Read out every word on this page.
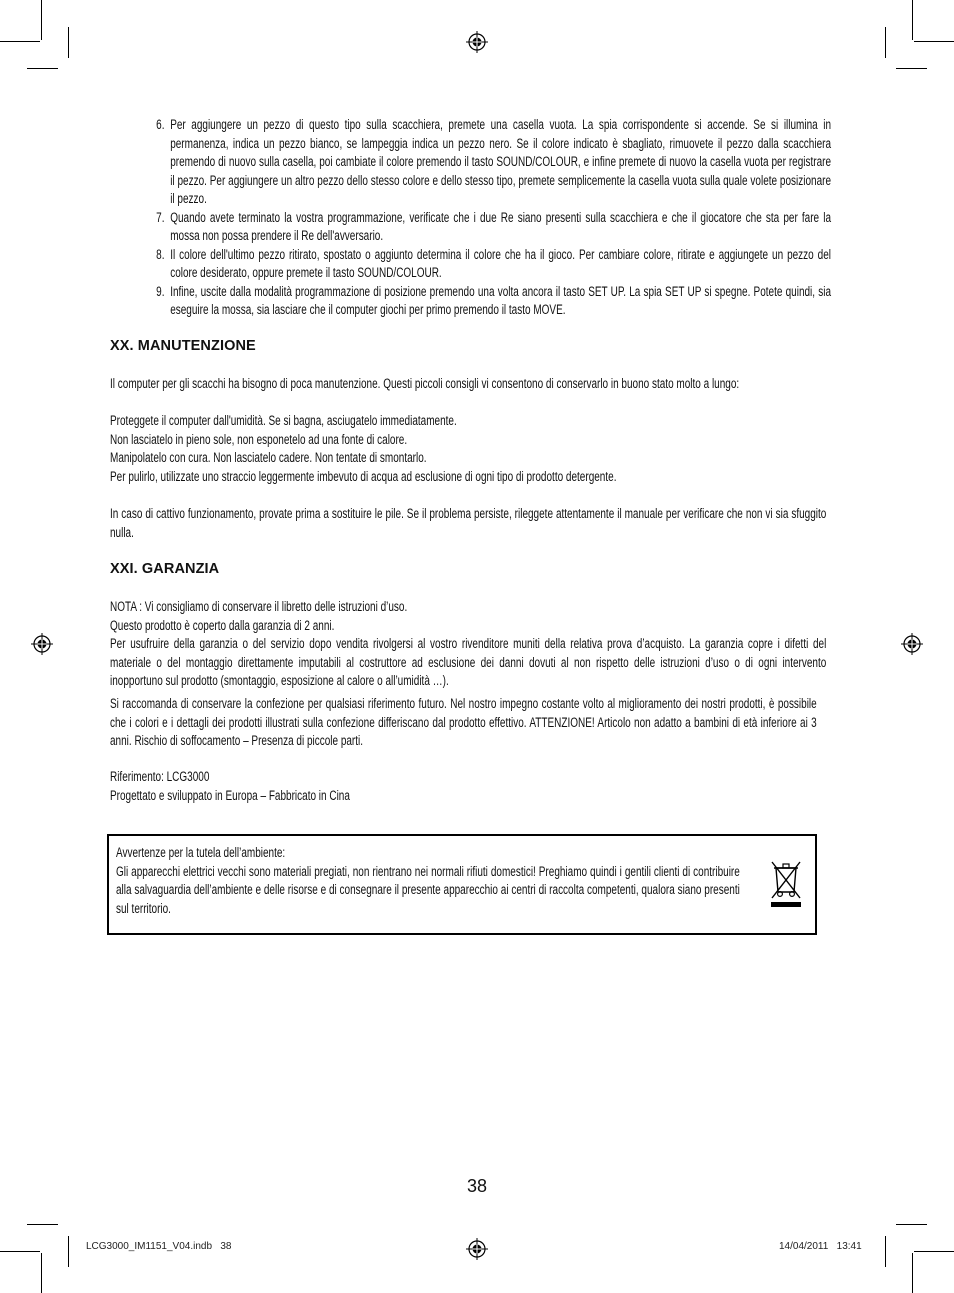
6. Per aggiungere un pezzo di questo tipo sulla scacchiera, premete una casella vuota. La spia corrispondente si accende. Se si illumina in permanenza, indica un pezzo bianco, se lampeggia indica un pezzo nero. Se il colore indicato è sbagliato, rimuovete il pezzo dalla scacchiera premendo di nuovo sulla casella, poi cambiate il colore premendo il tasto SOUND/COLOUR, e infine premete di nuovo la casella vuota per registrare il pezzo. Per aggiungere un altro pezzo dello stesso colore e dello stesso tipo, premete semplicemente la casella vuota sulla quale volete posizionare il pezzo.
7. Quando avete terminato la vostra programmazione, verificate che i due Re siano presenti sulla scacchiera e che il giocatore che sta per fare la mossa non possa prendere il Re dell'avversario.
8. Il colore dell'ultimo pezzo ritirato, spostato o aggiunto determina il colore che ha il gioco. Per cambiare colore, ritirate e aggiungete un pezzo del colore desiderato, oppure premete il tasto SOUND/COLOUR.
9. Infine, uscite dalla modalità programmazione di posizione premendo una volta ancora il tasto SET UP. La spia SET UP si spegne. Potete quindi, sia eseguire la mossa, sia lasciare che il computer giochi per primo premendo il tasto MOVE.
XX. MANUTENZIONE

Il computer per gli scacchi ha bisogno di poca manutenzione. Questi piccoli consigli vi consentono di conservarlo in buono stato molto a lungo:

Proteggete il computer dall'umidità. Se si bagna, asciugatelo immediatamente.

Non lasciatelo in pieno sole, non esponetelo ad una fonte di calore.

Manipolatelo con cura. Non lasciatelo cadere. Non tentate di smontarlo.

Per pulirlo, utilizzate uno straccio leggermente imbevuto di acqua ad esclusione di ogni tipo di prodotto detergente.

In caso di cattivo funzionamento, provate prima a sostituire le pile. Se il problema persiste, rileggete attentamente il manuale per verificare che non vi sia sfuggito nulla.

XXI. GARANZIA

NOTA : Vi consigliamo di conservare il libretto delle istruzioni d’uso.

Questo prodotto è coperto dalla garanzia di 2 anni.

Per usufruire della garanzia o del servizio dopo vendita rivolgersi al vostro rivenditore muniti della relativa prova d’acquisto. La garanzia copre i difetti del materiale o del montaggio direttamente imputabili al costruttore ad esclusione dei danni dovuti al non rispetto delle istruzioni d’uso o di ogni intervento inopportuno sul prodotto (smontaggio, esposizione al calore o all’umidità …).

Si raccomanda di conservare la confezione per qualsiasi riferimento futuro. Nel nostro impegno costante volto al miglioramento dei nostri prodotti, è possibile che i colori e i dettagli dei prodotti illustrati sulla confezione differiscano dal prodotto effettivo. ATTENZIONE! Articolo non adatto a bambini di età inferiore ai 3 anni. Rischio di soffocamento – Presenza di piccole parti.

Riferimento: LCG3000

Progettato e sviluppato in Europa – Fabbricato in Cina

Avvertenze per la tutela dell’ambiente:

Gli apparecchi elettrici vecchi sono materiali pregiati, non rientrano nei normali rifiuti domestici! Preghiamo quindi i gentili clienti di contribuire alla salvaguardia dell’ambiente e delle risorse e di consegnare il presente apparecchio ai centri di raccolta competenti, qualora siano presenti sul territorio.

38
LCG3000_IM1151_V04.indb   38	14/04/2011   13:41
